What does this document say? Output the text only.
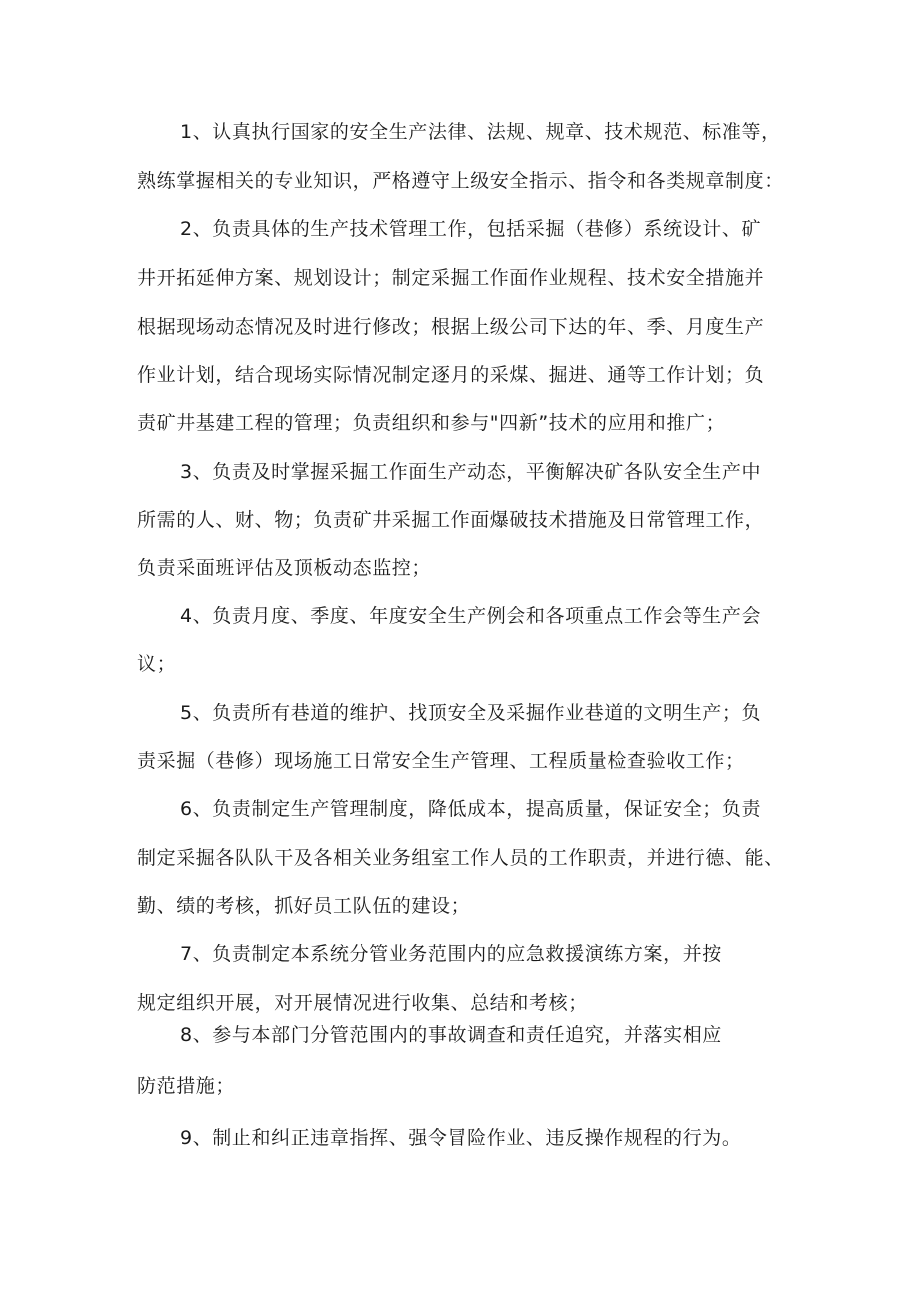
1、认真执行国家的安全生产法律、法规、规章、技术规范、标准等，

熟练掌握相关的专业知识，严格遵守上级安全指示、指令和各类规章制度：

2、负责具体的生产技术管理工作，包括采掘（巷修）系统设计、矿

井开拓延伸方案、规划设计；制定采掘工作面作业规程、技术安全措施并

根据现场动态情况及时进行修改；根据上级公司下达的年、季、月度生产

作业计划，结合现场实际情况制定逐月的采煤、掘进、通等工作计划；负

责矿井基建工程的管理；负责组织和参与"四新”技术的应用和推广；

3、负责及时掌握采掘工作面生产动态，平衡解决矿各队安全生产中

所需的人、财、物；负责矿井采掘工作面爆破技术措施及日常管理工作，

负责采面班评估及顶板动态监控；

4、负责月度、季度、年度安全生产例会和各项重点工作会等生产会

议；

5、负责所有巷道的维护、找顶安全及采掘作业巷道的文明生产；负

责采掘（巷修）现场施工日常安全生产管理、工程质量检查验收工作；

6、负责制定生产管理制度，降低成本，提高质量，保证安全；负责

制定采掘各队队干及各相关业务组室工作人员的工作职责，并进行德、能、

勤、绩的考核，抓好员工队伍的建设；

7、负责制定本系统分管业务范围内的应急救援演练方案，并按

规定组织开展，对开展情况进行收集、总结和考核；

8、参与本部门分管范围内的事故调查和责任追究，并落实相应

防范措施；

9、制止和纠正违章指挥、强令冒险作业、违反操作规程的行为。
